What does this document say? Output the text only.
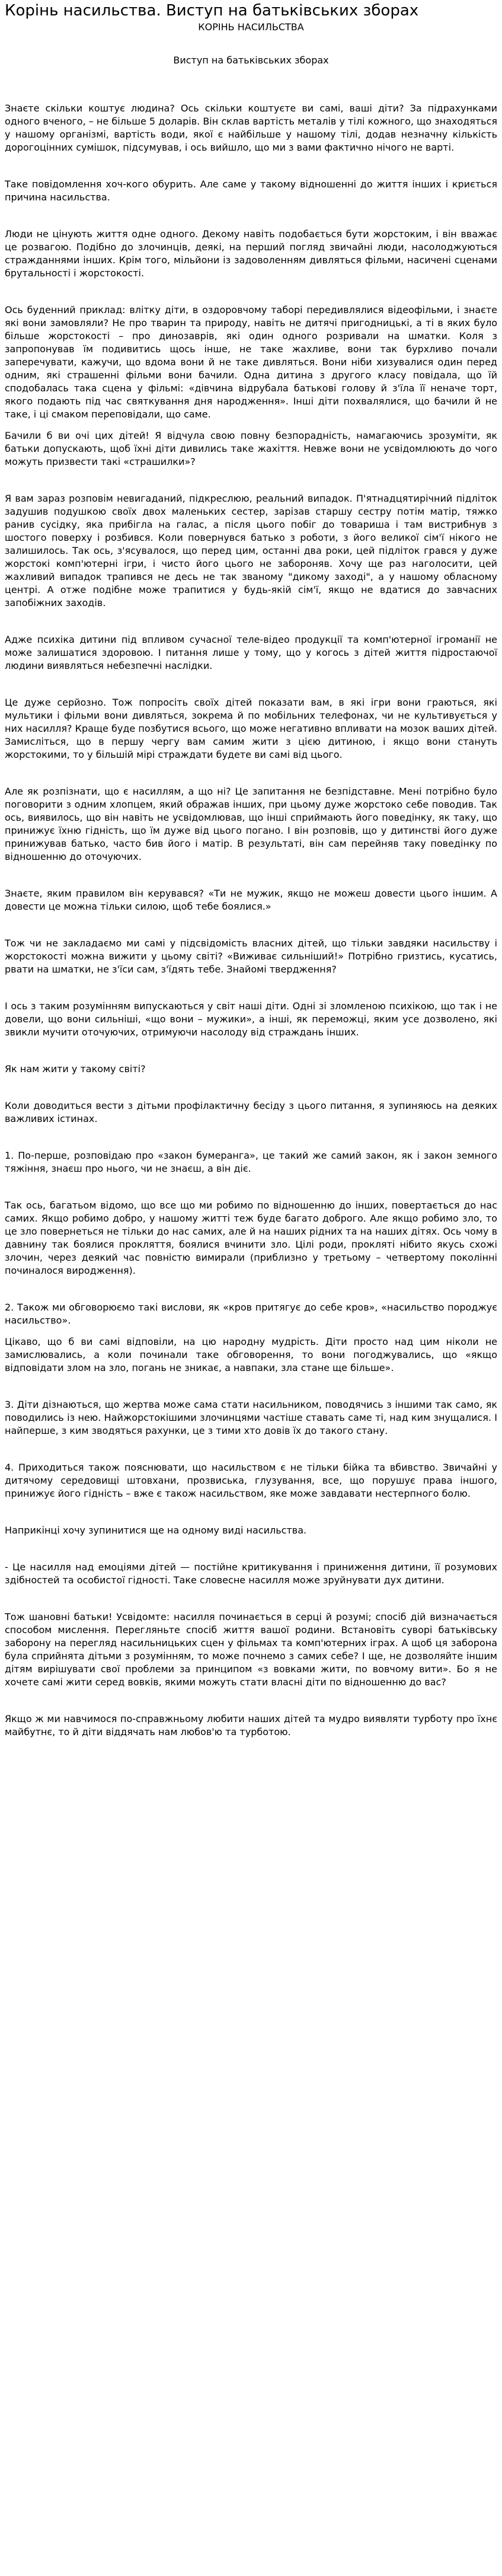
Корінь насильства. Виступ на батьківських зборах
КОРІНЬ НАСИЛЬСТВА
Виступ на батьківських зборах

Знаєте скільки коштує людина? Ось скільки коштуєте ви самі, ваші діти? За підрахунками одного вченого, – не більше 5 доларів. Він склав вартість металів у тілі кожного, що знаходяться у нашому організмі, вартість води, якої є найбільше у нашому тілі, додав незначну кількість дорогоцінних сумішок, підсумував, і ось вийшло, що ми з вами фактично нічого не варті.

Таке повідомлення хоч-кого обурить. Але саме у такому відношенні до життя інших і криється причина насильства.

Люди не цінують життя одне одного. Декому навіть подобається бути жорстоким, і він вважає це розвагою. Подібно до злочинців, деякі, на перший погляд звичайні люди, насолоджуються стражданнями інших. Крім того, мільйони із задоволенням дивляться фільми, насичені сценами брутальності і жорстокості.

Ось буденний приклад: влітку діти, в оздоровчому таборі передивлялися відеофільми, і знаєте які вони замовляли? Не про тварин та природу, навіть не дитячі пригодницькі, а ті в яких було більше жорстокості – про динозаврів, які один одного розривали на шматки. Коля з запропонував їм подивитись щось інше, не таке жахливе, вони так бурхливо почали заперечувати, кажучи, що вдома вони й не таке дивляться. Вони ніби хизувалися один перед одним, які страшенні фільми вони бачили. Одна дитина з другого класу повідала, що їй сподобалась така сцена у фільмі: «дівчина відрубала батькові голову й з'їла її неначе торт, якого подають під час святкування дня народження». Інші діти похвалялися, що бачили й не таке, і ці смаком переповідали, що саме.

Бачили б ви очі цих дітей! Я відчула свою повну безпорадність, намагаючись зрозуміти, як батьки допускають, щоб їхні діти дивились таке жахіття. Невже вони не усвідомлюють до чого можуть призвести такі «страшилки»?

Я вам зараз розповім невигаданий, підкреслюю, реальний випадок. П'ятнадцятирічний підліток задушив подушкою своїх двох маленьких сестер, зарізав старшу сестру потім матір, тяжко ранив сусідку, яка прибігла на галас, а після цього побіг до товариша і там вистрибнув з шостого поверху і розбився. Коли повернувся батько з роботи, з його великої сім'ї нікого не залишилось. Так ось, з'ясувалося, що перед цим, останні два роки, цей підліток грався у дуже жорстокі комп'ютерні ігри, і чисто його цього не забороняв. Хочу ще раз наголосити, цей жахливий випадок трапився не десь не так званому "дикому заході", а у нашому обласному центрі. А отже подібне може трапитися у будь-якій сім'ї, якщо не вдатися до завчасних запобіжних заходів.

Аджe психіка дитини під впливом сучасної теле-відео продукції та комп'ютерної ігроманії не може залишатися здоровою. І питання лише у тому, що у когось з дітей життя підростаючої людини виявляться небезпечні наслідки.

Це дуже серйозно. Тож попросіть своїх дітей показати вам, в які ігри вони граються, які мультики і фільми вони дивляться, зокрема й по мобільних телефонах, чи не культивується у них насилля? Краще буде позбутися всього, що може негативно впливати на мозок ваших дітей. Замисліться, що в першу чергу вам самим жити з цією дитиною, і якщо вони стануть жорстокими, то у більшій мірі страждати будете ви самі від цього.

Але як розпізнати, що є насиллям, а що ні? Це запитання не безпідставне. Мені потрібно було поговорити з одним хлопцем, який ображав інших, при цьому дуже жорстоко себе поводив. Так ось, виявилось, що він навіть не усвідомлював, що інші сприймають його поведінку, як таку, що принижує їхню гідність, що їм дуже від цього погано. І він розповів, що у дитинстві його дуже принижував батько, часто бив його і матір. В результаті, він сам перейняв таку поведінку по відношенню до оточуючих.

Знаєте, яким правилом він керувався? «Ти не мужик, якщо не можеш довести цього іншим. А довести це можна тільки силою, щоб тебе боялися.»

Тож чи не закладаємо ми самі у підсвідомість власних дітей, що тільки завдяки насильству і жорстокості можна вижити у цьому світі? «Виживає сильніший!» Потрібно гризтись, кусатись, рвати на шматки, не з'їси сам, з'їдять тебе. Знайомі твердження?

І ось з таким розумінням випускаються у світ наші діти. Одні зі зломленою психікою, що так і не довели, що вони сильніші, «що вони – мужики», а інші, як переможці, яким усе дозволено, які звикли мучити оточуючих, отримуючи насолоду від страждань інших.

Як нам жити у такому світі?

Коли доводиться вести з дітьми профілактичну бесіду з цього питання, я зупиняюсь на деяких важливих істинах.

1. По-перше, розповідаю про «закон бумеранга», це такий же самий закон, як і закон земного тяжіння, знаєш про нього, чи не знаєш, а він діє.

Так ось, багатьом відомо, що все що ми робимо по відношенню до інших, повертається до нас самих. Якщо робимо добро, у нашому житті теж буде багато доброго. Але якщо робимо зло, то це зло повернеться не тільки до нас самих, але й на наших рідних та на наших дітях. Ось чому в давнину так боялися прокляття, боялися вчинити зло. Цілі роди, прокляті нібито якусь схожі злочин, через деякий час повністю вимирали (приблизно у третьому – четвертому поколінні починалося виродження).

2. Також ми обговорюємо такі вислови, як «кров притягує до себе кров», «насильство породжує насильство».

Цікаво, що б ви самі відповіли, на цю народну мудрість. Діти просто над цим ніколи не замислювались, а коли починали таке обговорення, то вони погоджувались, що «якщо відповідати злом на зло, погань не зникає, а навпаки, зла стане ще більше».

3. Діти дізнаються, що жертва може сама стати насильником, поводячись з іншими так само, як поводились із нею. Найжорстокішими злочинцями частіше ставать саме ті, над ким знущалися. І найперше, з ким зводяться рахунки, це з тими хто довів їх до такого стану.

4. Приходиться також пояснювати, що насильством є не тільки бійка та вбивство. Звичайні у дитячому середовищі штовхани, прозвиська, глузування, все, що порушує права іншого, принижує його гідність – вже є також насильством, яке може завдавати нестерпного болю.

Наприкінці хочу зупинитися ще на одному виді насильства.

- Це насилля над емоціями дітей — постійне критикування і приниження дитини, її розумових здібностей та особистої гідності. Таке словесне насилля може зруйнувати дух дитини.

Тож шановні батьки! Усвідомте: насилля починається в серці й розумі; спосіб дій визначається способом мислення. Перегляньте спосіб життя вашої родини. Встановіть суворі батьківську заборону на перегляд насильницьких сцен у фільмах та комп'ютерних іграх. А щоб ця заборона була сприйнята дітьми з розумінням, то може почнемо з самих себе? І ще, не дозволяйте іншим дітям вирішувати свої проблеми за принципом «з вовками жити, по вовчому вити». Бо я не хочете самі жити серед вовків, якими можуть стати власні діти по відношенню до вас?

Якщо ж ми навчимося по-справжньому любити наших дітей та мудро виявляти турботу про їхнє майбутнє, то й діти віддячать нам любов'ю та турботою.
